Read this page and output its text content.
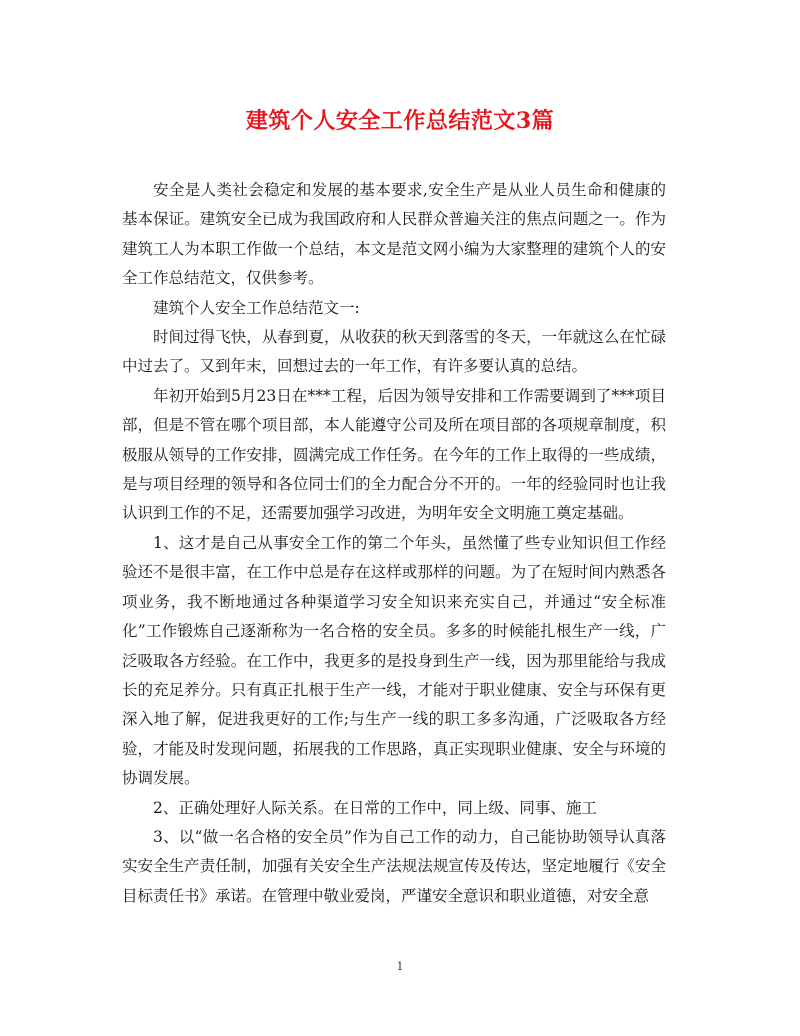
建筑个人安全工作总结范文3篇

安全是人类社会稳定和发展的基本要求,安全生产是从业人员生命和健康的基本保证。建筑安全已成为我国政府和人民群众普遍关注的焦点问题之一。作为建筑工人为本职工作做一个总结，本文是范文网小编为大家整理的建筑个人的安全工作总结范文，仅供参考。

建筑个人安全工作总结范文一:

时间过得飞快，从春到夏，从收获的秋天到落雪的冬天，一年就这么在忙碌中过去了。又到年末，回想过去的一年工作，有许多要认真的总结。

年初开始到5月23日在***工程，后因为领导安排和工作需要调到了***项目部，但是不管在哪个项目部，本人能遵守公司及所在项目部的各项规章制度，积极服从领导的工作安排，圆满完成工作任务。在今年的工作上取得的一些成绩，是与项目经理的领导和各位同士们的全力配合分不开的。一年的经验同时也让我认识到工作的不足，还需要加强学习改进，为明年安全文明施工奠定基础。

1、这才是自己从事安全工作的第二个年头，虽然懂了些专业知识但工作经验还不是很丰富，在工作中总是存在这样或那样的问题。为了在短时间内熟悉各项业务，我不断地通过各种渠道学习安全知识来充实自己，并通过“安全标准化”工作锻炼自己逐渐称为一名合格的安全员。多多的时候能扎根生产一线，广泛吸取各方经验。在工作中，我更多的是投身到生产一线，因为那里能给与我成长的充足养分。只有真正扎根于生产一线，才能对于职业健康、安全与环保有更深入地了解，促进我更好的工作;与生产一线的职工多多沟通，广泛吸取各方经验，才能及时发现问题，拓展我的工作思路，真正实现职业健康、安全与环境的协调发展。

2、正确处理好人际关系。在日常的工作中，同上级、同事、施工

3、以“做一名合格的安全员”作为自己工作的动力，自己能协助领导认真落实安全生产责任制，加强有关安全生产法规法规宣传及传达，坚定地履行《安全目标责任书》承诺。在管理中敬业爱岗，严谨安全意识和职业道德，对安全意

1
